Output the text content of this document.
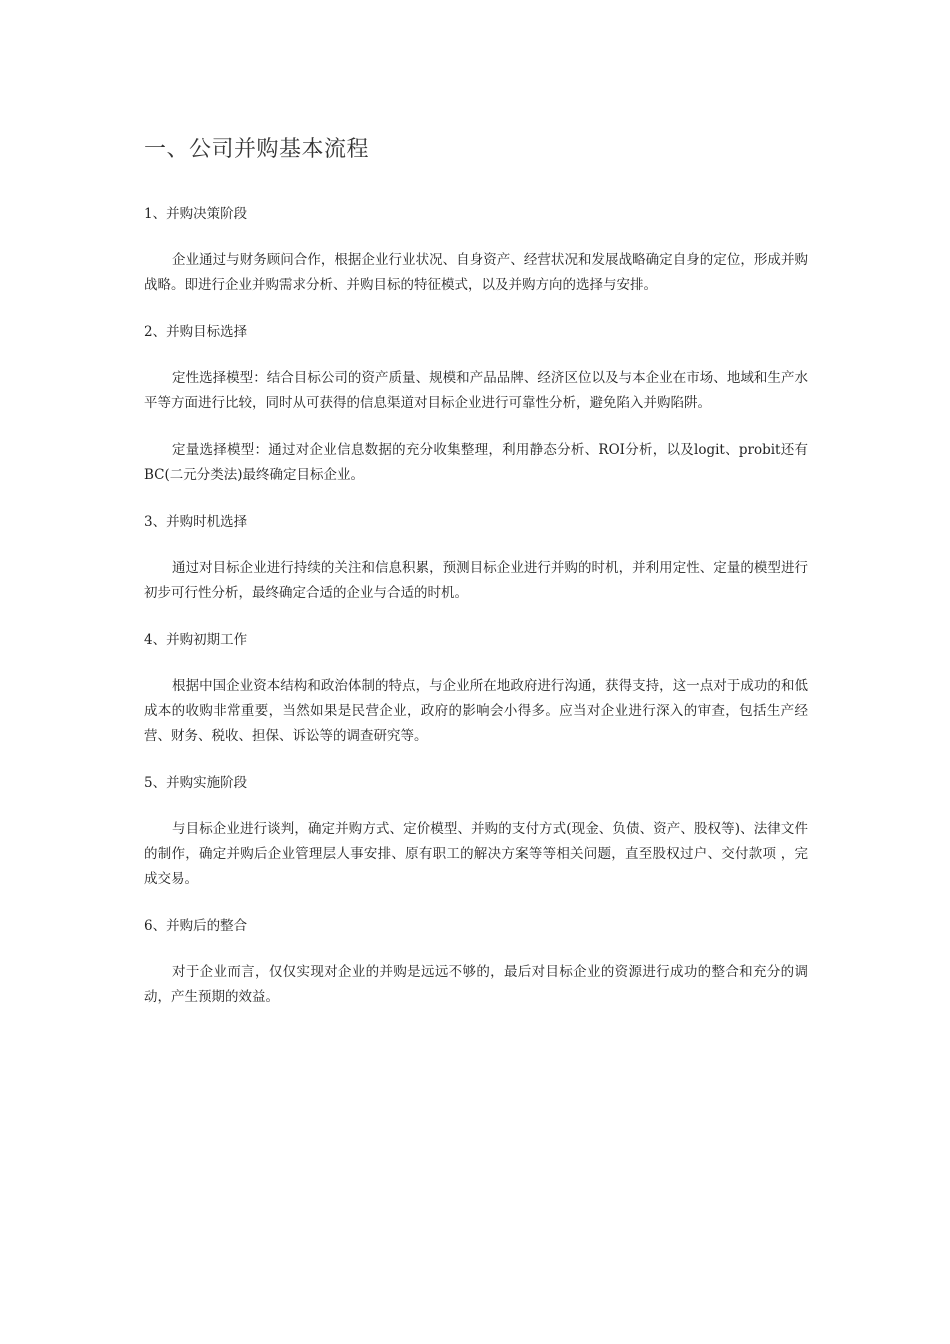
一、公司并购基本流程
1、并购决策阶段

企业通过与财务顾问合作，根据企业行业状况、自身资产、经营状况和发展战略确定自身的定位，形成并购战略。即进行企业并购需求分析、并购目标的特征模式，以及并购方向的选择与安排。

2、并购目标选择

定性选择模型：结合目标公司的资产质量、规模和产品品牌、经济区位以及与本企业在市场、地域和生产水平等方面进行比较，同时从可获得的信息渠道对目标企业进行可靠性分析，避免陷入并购陷阱。

定量选择模型：通过对企业信息数据的充分收集整理，利用静态分析、ROI分析，以及logit、probit还有BC(二元分类法)最终确定目标企业。

3、并购时机选择

通过对目标企业进行持续的关注和信息积累，预测目标企业进行并购的时机，并利用定性、定量的模型进行初步可行性分析，最终确定合适的企业与合适的时机。

4、并购初期工作

根据中国企业资本结构和政治体制的特点，与企业所在地政府进行沟通，获得支持，这一点对于成功的和低成本的收购非常重要，当然如果是民营企业，政府的影响会小得多。应当对企业进行深入的审查，包括生产经营、财务、税收、担保、诉讼等的调查研究等。

5、并购实施阶段

与目标企业进行谈判，确定并购方式、定价模型、并购的支付方式(现金、负债、资产、股权等)、法律文件的制作，确定并购后企业管理层人事安排、原有职工的解决方案等等相关问题，直至股权过户、交付款项 ，完成交易。

6、并购后的整合

对于企业而言，仅仅实现对企业的并购是远远不够的，最后对目标企业的资源进行成功的整合和充分的调动，产生预期的效益。
